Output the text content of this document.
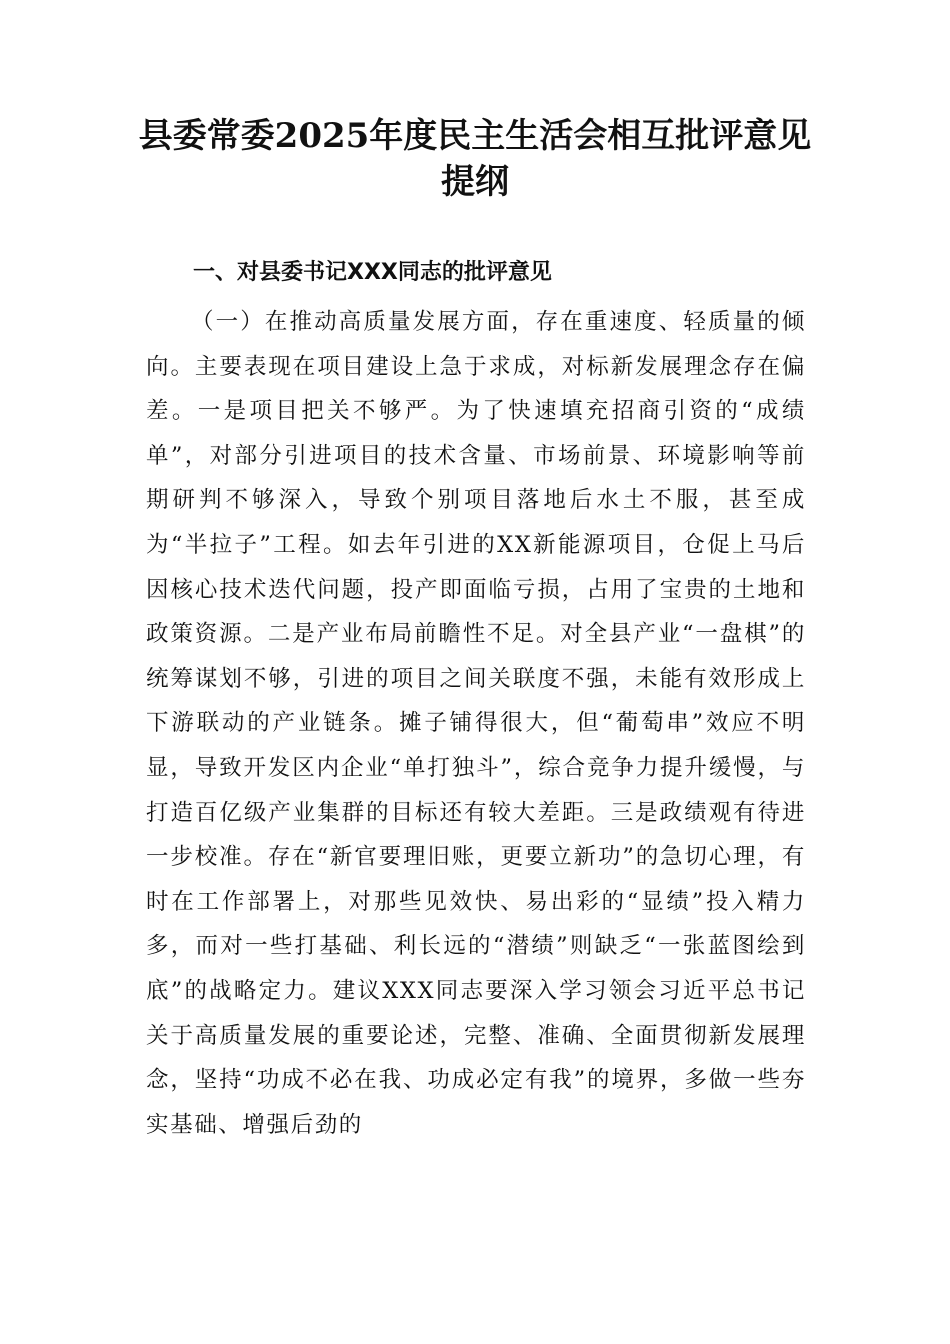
县委常委2025年度民主生活会相互批评意见提纲
一、对县委书记XXX同志的批评意见

（一）在推动高质量发展方面，存在重速度、轻质量的倾向。主要表现在项目建设上急于求成，对标新发展理念存在偏差。一是项目把关不够严。为了快速填充招商引资的“成绩单”，对部分引进项目的技术含量、市场前景、环境影响等前期研判不够深入，导致个别项目落地后水土不服，甚至成为“半拉子”工程。如去年引进的XX新能源项目，仓促上马后因核心技术迭代问题，投产即面临亏损，占用了宝贵的土地和政策资源。二是产业布局前瞻性不足。对全县产业“一盘棋”的统筹谋划不够，引进的项目之间关联度不强，未能有效形成上下游联动的产业链条。摊子铺得很大，但“葡萄串”效应不明显，导致开发区内企业“单打独斗”，综合竞争力提升缓慢，与打造百亿级产业集群的目标还有较大差距。三是政绩观有待进一步校准。存在“新官要理旧账，更要立新功”的急切心理，有时在工作部署上，对那些见效快、易出彩的“显绩”投入精力多，而对一些打基础、利长远的“潜绩”则缺乏“一张蓝图绘到底”的战略定力。建议XXX同志要深入学习领会习近平总书记关于高质量发展的重要论述，完整、准确、全面贯彻新发展理念，坚持“功成不必在我、功成必定有我”的境界，多做一些夯实基础、增强后劲的
